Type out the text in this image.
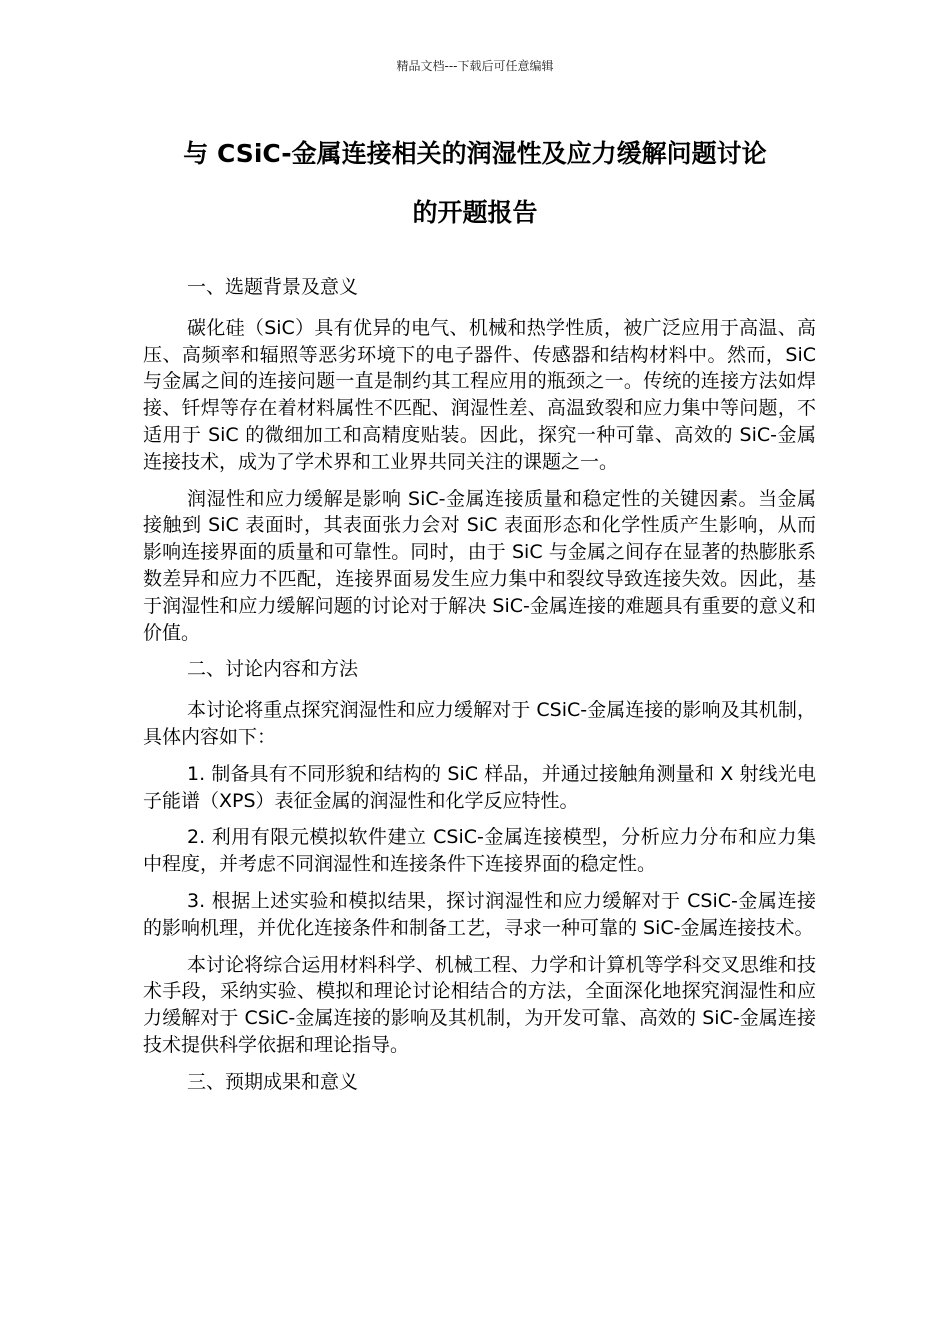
精品文档---下载后可任意编辑
与 CSiC-金属连接相关的润湿性及应力缓解问题讨论
的开题报告

一、选题背景及意义

碳化硅（SiC）具有优异的电气、机械和热学性质，被广泛应用于高温、高压、高频率和辐照等恶劣环境下的电子器件、传感器和结构材料中。然而，SiC 与金属之间的连接问题一直是制约其工程应用的瓶颈之一。传统的连接方法如焊接、钎焊等存在着材料属性不匹配、润湿性差、高温致裂和应力集中等问题，不适用于 SiC 的微细加工和高精度贴装。因此，探究一种可靠、高效的 SiC-金属连接技术，成为了学术界和工业界共同关注的课题之一。

润湿性和应力缓解是影响 SiC-金属连接质量和稳定性的关键因素。当金属接触到 SiC 表面时，其表面张力会对 SiC 表面形态和化学性质产生影响，从而影响连接界面的质量和可靠性。同时，由于 SiC 与金属之间存在显著的热膨胀系数差异和应力不匹配，连接界面易发生应力集中和裂纹导致连接失效。因此，基于润湿性和应力缓解问题的讨论对于解决 SiC-金属连接的难题具有重要的意义和价值。

二、讨论内容和方法

本讨论将重点探究润湿性和应力缓解对于 CSiC-金属连接的影响及其机制，具体内容如下：

1. 制备具有不同形貌和结构的 SiC 样品，并通过接触角测量和 X 射线光电子能谱（XPS）表征金属的润湿性和化学反应特性。

2. 利用有限元模拟软件建立 CSiC-金属连接模型，分析应力分布和应力集中程度，并考虑不同润湿性和连接条件下连接界面的稳定性。

3. 根据上述实验和模拟结果，探讨润湿性和应力缓解对于 CSiC-金属连接的影响机理，并优化连接条件和制备工艺，寻求一种可靠的 SiC-金属连接技术。

本讨论将综合运用材料科学、机械工程、力学和计算机等学科交叉思维和技术手段，采纳实验、模拟和理论讨论相结合的方法，全面深化地探究润湿性和应力缓解对于 CSiC-金属连接的影响及其机制，为开发可靠、高效的 SiC-金属连接技术提供科学依据和理论指导。

三、预期成果和意义
